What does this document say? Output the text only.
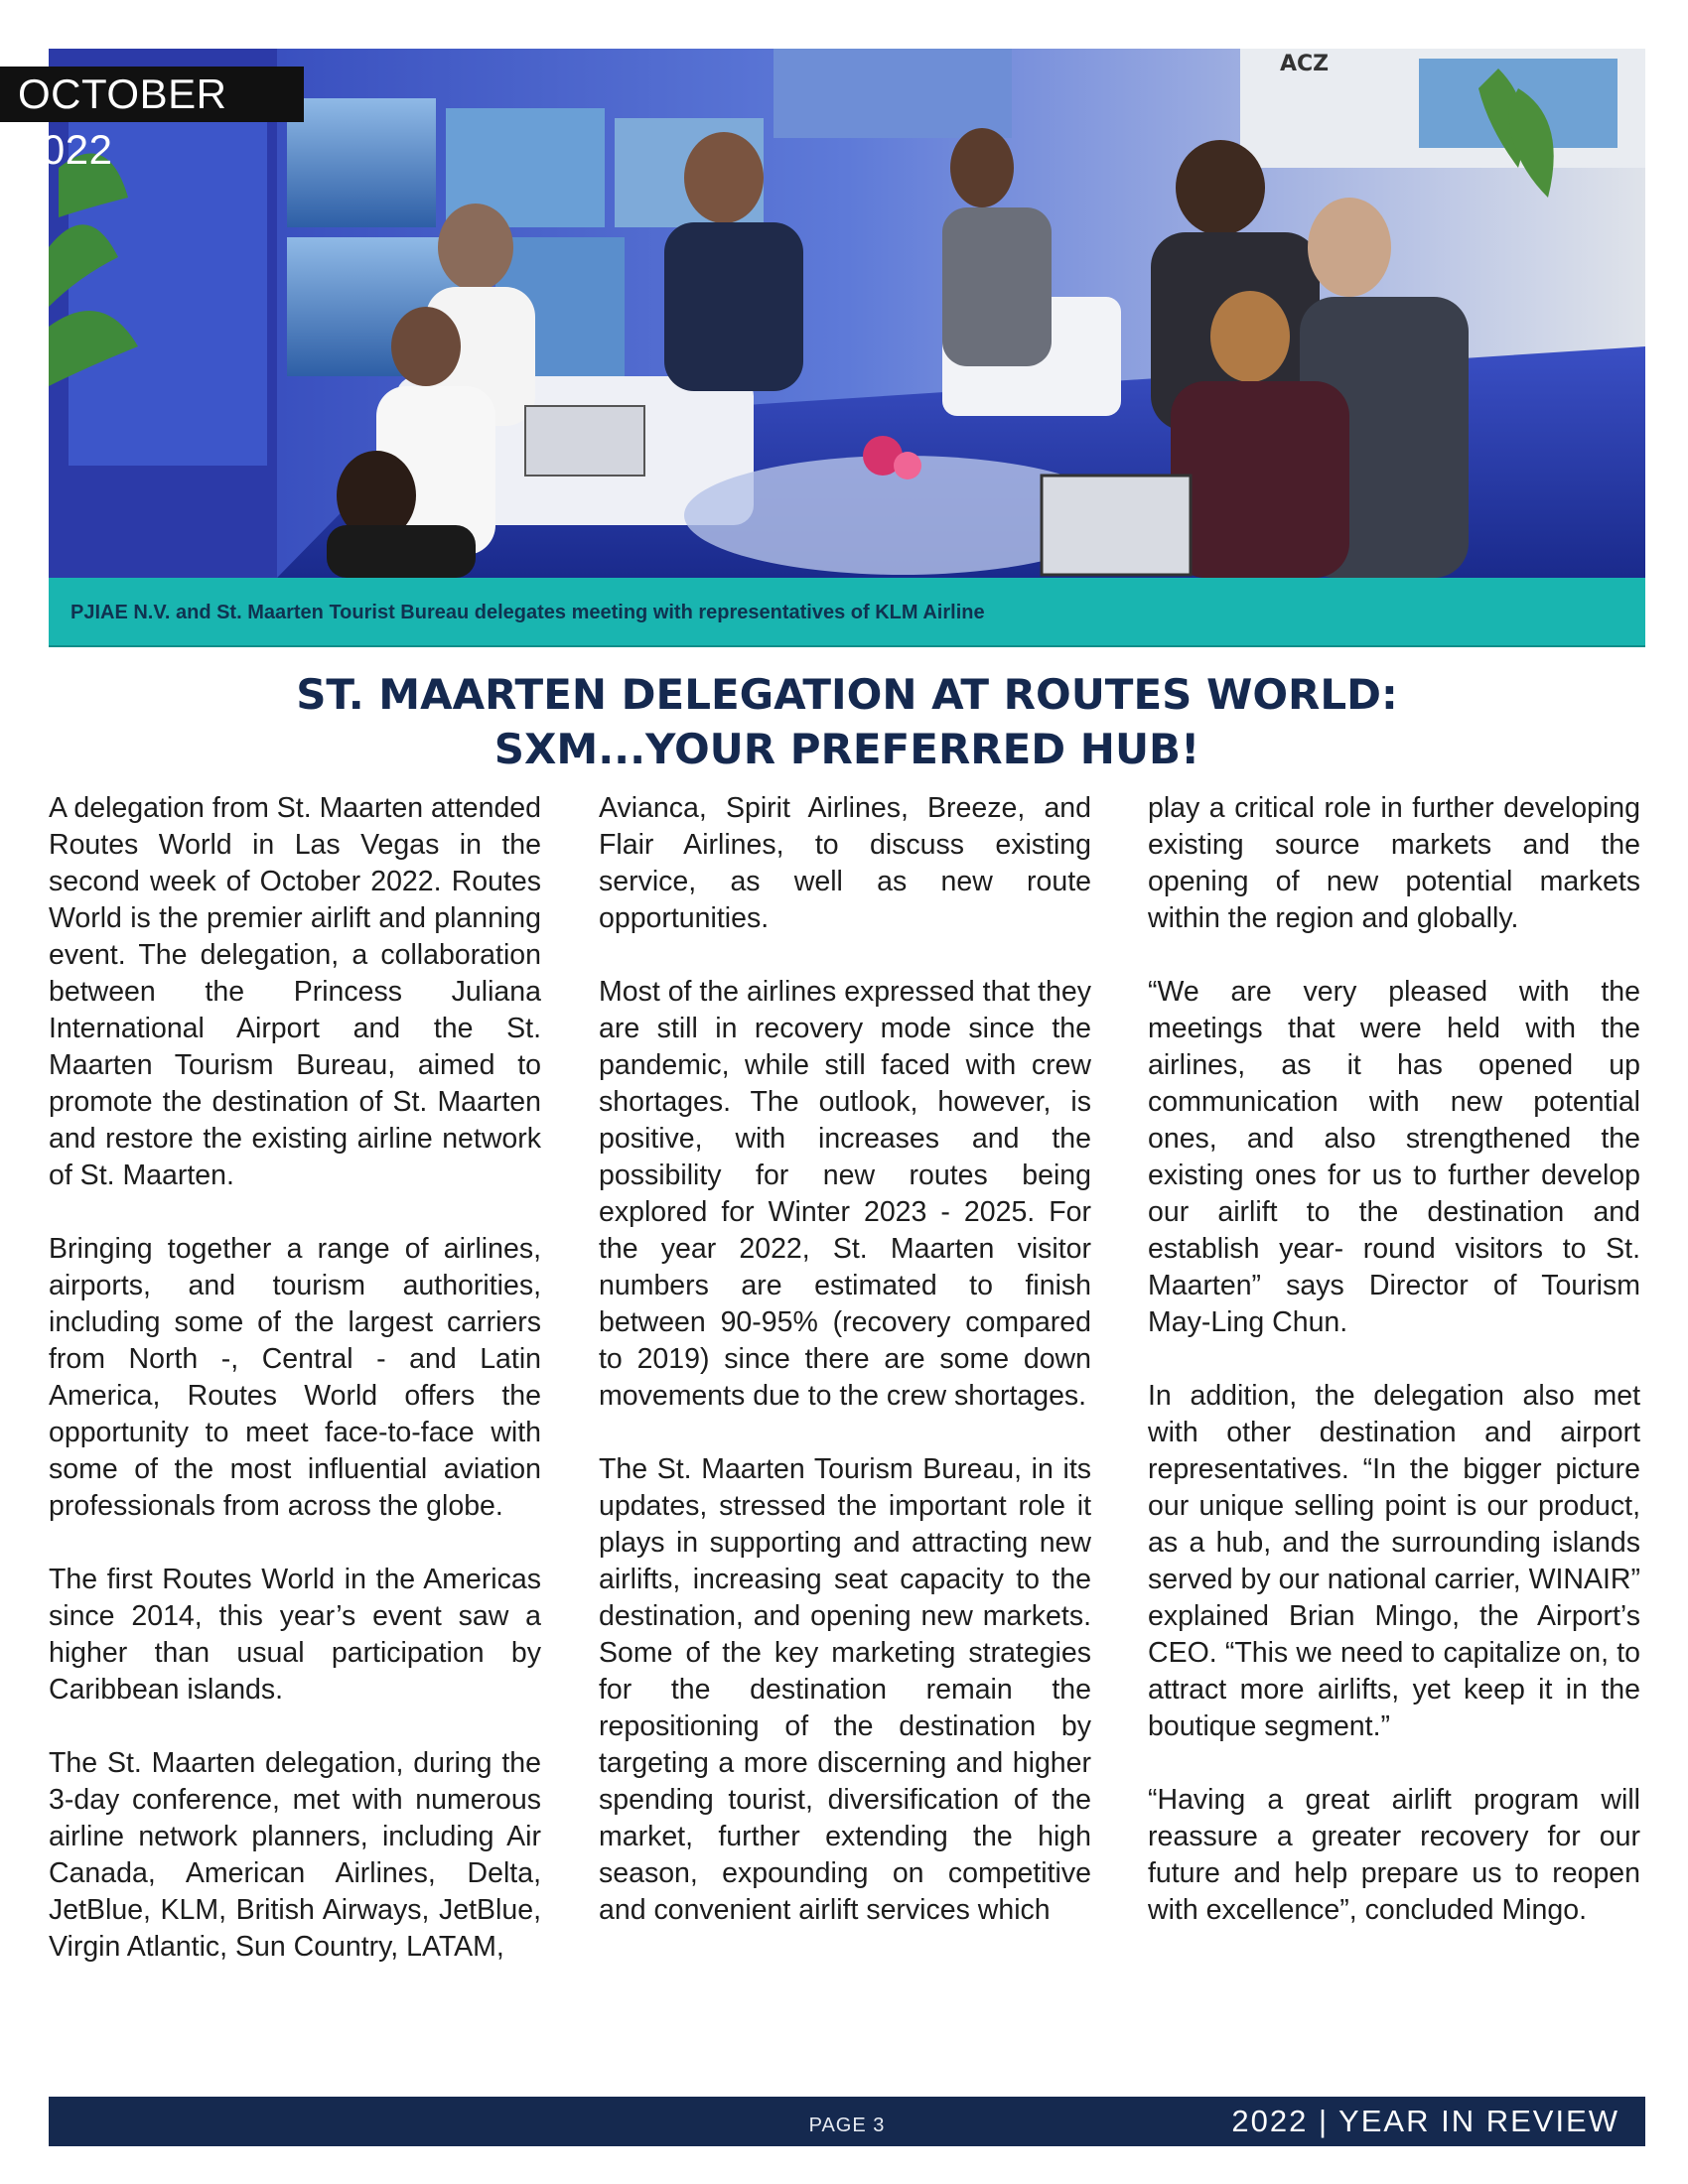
ACZ
OCTOBER 2022
PJIAE N.V. and St. Maarten Tourist Bureau delegates meeting with representatives of KLM Airline
ST. MAARTEN DELEGATION AT ROUTES WORLD:
SXM...YOUR PREFERRED HUB!

A delegation from St. Maarten attended Routes World in Las Vegas in the second week of October 2022. Routes World is the premier airlift and planning event. The delegation, a collaboration between the Princess Juliana International Airport and the St. Maarten Tourism Bureau, aimed to promote the destination of St. Maarten and restore the existing airline network of St. Maarten.

Bringing together a range of airlines, airports, and tourism authorities, including some of the largest carriers from North -, Central - and Latin America, Routes World offers the opportunity to meet face-to-face with some of the most influential aviation professionals from across the globe.

The first Routes World in the Americas since 2014, this year’s event saw a higher than usual participation by Caribbean islands.

The St. Maarten delegation, during the 3-day conference, met with numerous airline network planners, including Air Canada, American Airlines, Delta, JetBlue, KLM, British Airways, JetBlue, Virgin Atlantic, Sun Country, LATAM,

Avianca, Spirit Airlines, Breeze, and Flair Airlines, to discuss existing service, as well as new route opportunities.

Most of the airlines expressed that they are still in recovery mode since the pandemic, while still faced with crew shortages. The outlook, however, is positive, with increases and the possibility for new routes being explored for Winter 2023 - 2025. For the year 2022, St. Maarten visitor numbers are estimated to finish between 90-95% (recovery compared to 2019) since there are some down movements due to the crew shortages.

The St. Maarten Tourism Bureau, in its updates, stressed the important role it plays in supporting and attracting new airlifts, increasing seat capacity to the destination, and opening new markets. Some of the key marketing strategies for the destination remain the repositioning of the destination by targeting a more discerning and higher spending tourist, diversification of the market, further extending the high season, expounding on competitive and convenient airlift services which

play a critical role in further developing existing source markets and the opening of new potential markets within the region and globally.

“We are very pleased with the meetings that were held with the airlines, as it has opened up communication with new potential ones, and also strengthened the existing ones for us to further develop our airlift to the destination and establish year- round visitors to St. Maarten” says Director of Tourism May-Ling Chun.

In addition, the delegation also met with other destination and airport representatives. “In the bigger picture our unique selling point is our product, as a hub, and the surrounding islands served by our national carrier, WINAIR” explained Brian Mingo, the Airport’s CEO. “This we need to capitalize on, to attract more airlifts, yet keep it in the boutique segment.”

“Having a great airlift program will reassure a greater recovery for our future and help prepare us to reopen with excellence”, concluded Mingo.

PAGE 3	2022 | YEAR IN REVIEW
